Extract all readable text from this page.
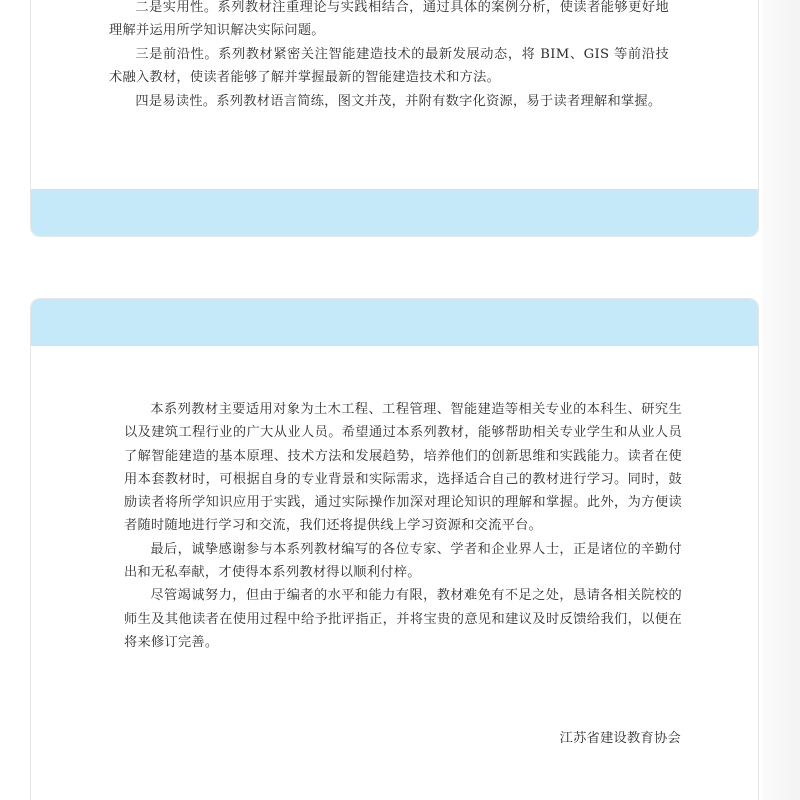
二是实用性。系列教材注重理论与实践相结合，通过具体的案例分析，使读者能够更好地理解并运用所学知识解决实际问题。

三是前沿性。系列教材紧密关注智能建造技术的最新发展动态，将 BIM、GIS 等前沿技术融入教材，使读者能够了解并掌握最新的智能建造技术和方法。

四是易读性。系列教材语言简练，图文并茂，并附有数字化资源，易于读者理解和掌握。

本系列教材主要适用对象为土木工程、工程管理、智能建造等相关专业的本科生、研究生以及建筑工程行业的广大从业人员。希望通过本系列教材，能够帮助相关专业学生和从业人员了解智能建造的基本原理、技术方法和发展趋势，培养他们的创新思维和实践能力。读者在使用本套教材时，可根据自身的专业背景和实际需求，选择适合自己的教材进行学习。同时，鼓励读者将所学知识应用于实践，通过实际操作加深对理论知识的理解和掌握。此外，为方便读者随时随地进行学习和交流，我们还将提供线上学习资源和交流平台。

最后，诚挚感谢参与本系列教材编写的各位专家、学者和企业界人士，正是诸位的辛勤付出和无私奉献，才使得本系列教材得以顺利付梓。

尽管竭诚努力，但由于编者的水平和能力有限，教材难免有不足之处，恳请各相关院校的师生及其他读者在使用过程中给予批评指正，并将宝贵的意见和建议及时反馈给我们，以便在将来修订完善。

江苏省建设教育协会
